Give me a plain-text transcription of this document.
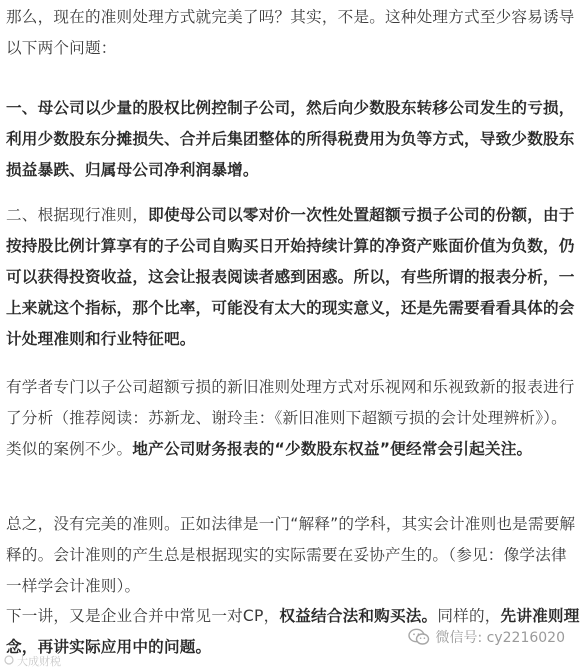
那么，现在的准则处理方式就完美了吗？其实，不是。这种处理方式至少容易诱导以下两个问题：

一、母公司以少量的股权比例控制子公司，然后向少数股东转移公司发生的亏损，利用少数股东分摊损失、合并后集团整体的所得税费用为负等方式，导致少数股东损益暴跌、归属母公司净利润暴增。

二、根据现行准则，即使母公司以零对价一次性处置超额亏损子公司的份额，由于按持股比例计算享有的子公司自购买日开始持续计算的净资产账面价值为负数，仍可以获得投资收益，这会让报表阅读者感到困惑。所以，有些所谓的报表分析，一上来就这个指标，那个比率，可能没有太大的现实意义，还是先需要看看具体的会计处理准则和行业特征吧。

有学者专门以子公司超额亏损的新旧准则处理方式对乐视网和乐视致新的报表进行了分析（推荐阅读：苏新龙、谢玲圭：《新旧准则下超额亏损的会计处理辨析》）。类似的案例不少。地产公司财务报表的“少数股东权益”便经常会引起关注。

总之，没有完美的准则。正如法律是一门“解释”的学科，其实会计准则也是需要解释的。会计准则的产生总是根据现实的实际需要在妥协产生的。（参见：像学法律一样学会计准则）。

下一讲，又是企业合并中常见一对CP，权益结合法和购买法。同样的，先讲准则理念，再讲实际应用中的问题。	微信号: cy2216020
大成财税
